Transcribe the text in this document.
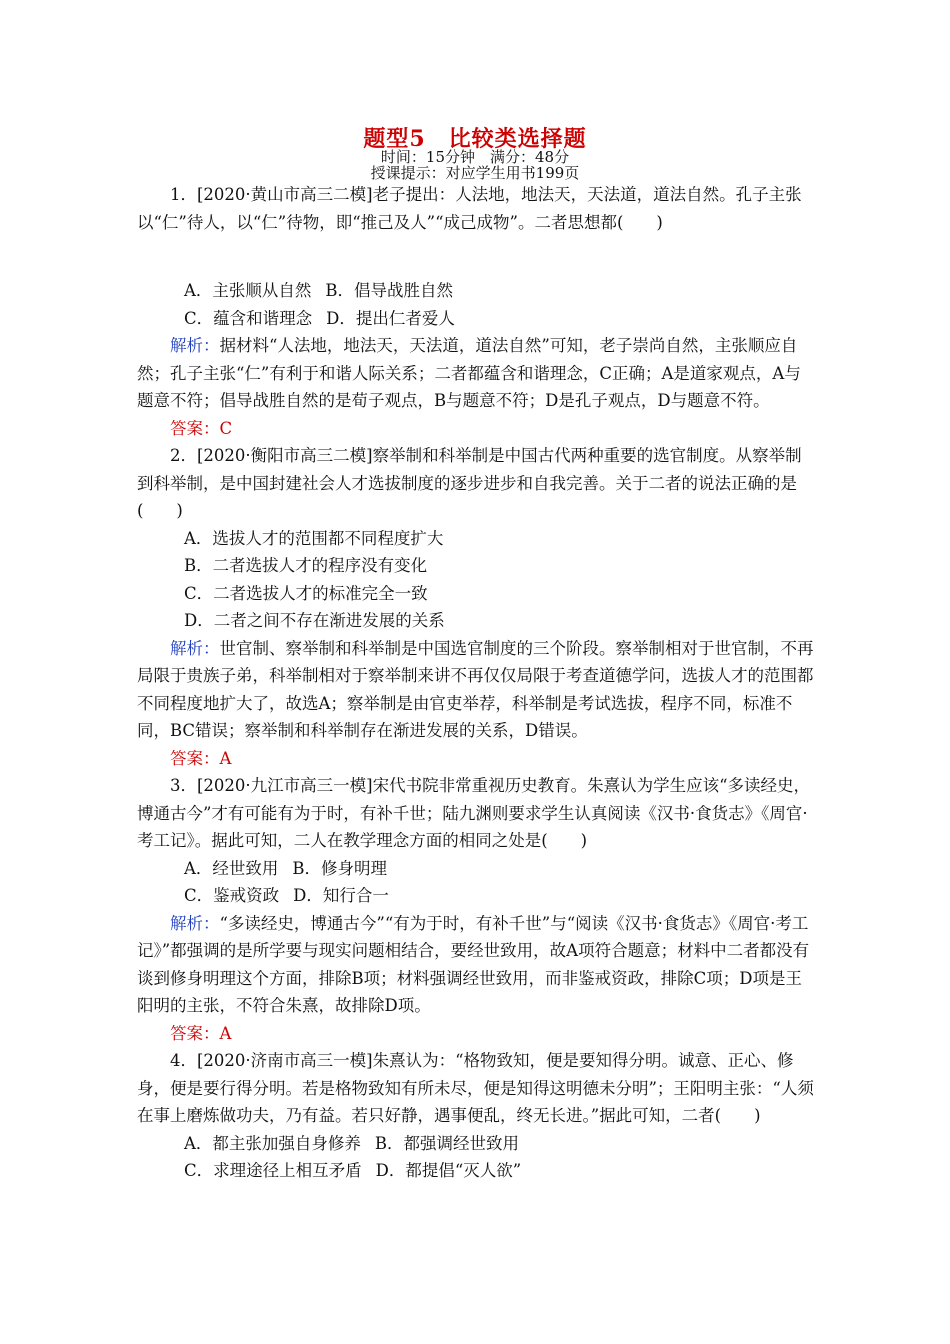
题型5　比较类选择题
时间：15分钟　满分：48分
授课提示：对应学生用书199页

1．[2020·黄山市高三二模]老子提出：人法地，地法天，天法道，道法自然。孔子主张以“仁”待人，以“仁”待物，即“推己及人”“成己成物”。二者思想都(　　)

A．主张顺从自然 B．倡导战胜自然

C．蕴含和谐理念 D．提出仁者爱人

解析：据材料“人法地，地法天，天法道，道法自然”可知，老子崇尚自然，主张顺应自然；孔子主张“仁”有利于和谐人际关系；二者都蕴含和谐理念，C正确；A是道家观点，A与题意不符；倡导战胜自然的是荀子观点，B与题意不符；D是孔子观点，D与题意不符。

答案：C

2．[2020·衡阳市高三二模]察举制和科举制是中国古代两种重要的选官制度。从察举制到科举制，是中国封建社会人才选拔制度的逐步进步和自我完善。关于二者的说法正确的是(　　)

A．选拔人才的范围都不同程度扩大

B．二者选拔人才的程序没有变化

C．二者选拔人才的标准完全一致

D．二者之间不存在渐进发展的关系

解析：世官制、察举制和科举制是中国选官制度的三个阶段。察举制相对于世官制，不再局限于贵族子弟，科举制相对于察举制来讲不再仅仅局限于考查道德学问，选拔人才的范围都不同程度地扩大了，故选A；察举制是由官吏举荐，科举制是考试选拔，程序不同，标准不同，BC错误；察举制和科举制存在渐进发展的关系，D错误。

答案：A

3．[2020·九江市高三一模]宋代书院非常重视历史教育。朱熹认为学生应该“多读经史，博通古今”才有可能有为于时，有补千世；陆九渊则要求学生认真阅读《汉书·食货志》《周官·考工记》。据此可知，二人在教学理念方面的相同之处是(　　)

A．经世致用 B．修身明理

C．鉴戒资政 D．知行合一

解析：“多读经史，博通古今”“有为于时，有补千世”与“阅读《汉书·食货志》《周官·考工记》”都强调的是所学要与现实问题相结合，要经世致用，故A项符合题意；材料中二者都没有谈到修身明理这个方面，排除B项；材料强调经世致用，而非鉴戒资政，排除C项；D项是王阳明的主张，不符合朱熹，故排除D项。

答案：A

4．[2020·济南市高三一模]朱熹认为：“格物致知，便是要知得分明。诚意、正心、修身，便是要行得分明。若是格物致知有所未尽，便是知得这明德未分明”；王阳明主张：“人须在事上磨炼做功夫，乃有益。若只好静，遇事便乱，终无长进。”据此可知，二者(　　)

A．都主张加强自身修养 B．都强调经世致用

C．求理途径上相互矛盾 D．都提倡“灭人欲”
